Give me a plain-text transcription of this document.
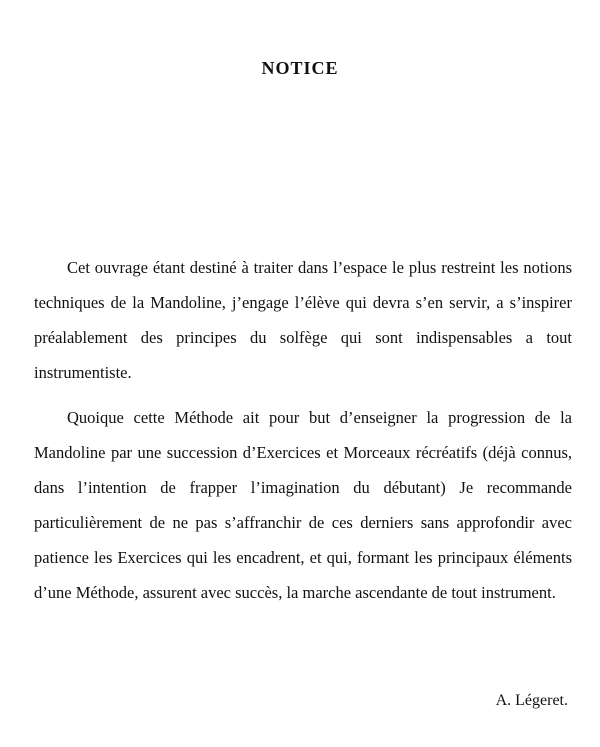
NOTICE

Cet ouvrage étant destiné à traiter dans l’espace le plus restreint les notions techniques de la Mandoline, j’engage l’élève qui devra s’en servir, a s’inspirer préalablement des principes du solfège qui sont indispensables a tout instrumentiste.

Quoique cette Méthode ait pour but d’enseigner la progression de la Mandoline par une succession d’Exercices et Morceaux récréatifs (déjà connus, dans l’intention de frapper l’imagination du débutant) Je recommande particulièrement de ne pas s’affranchir de ces derniers sans approfondir avec patience les Exercices qui les encadrent, et qui, formant les principaux éléments d’une Méthode, assurent avec succès, la marche ascendante de tout instrument.

A. Légeret.
